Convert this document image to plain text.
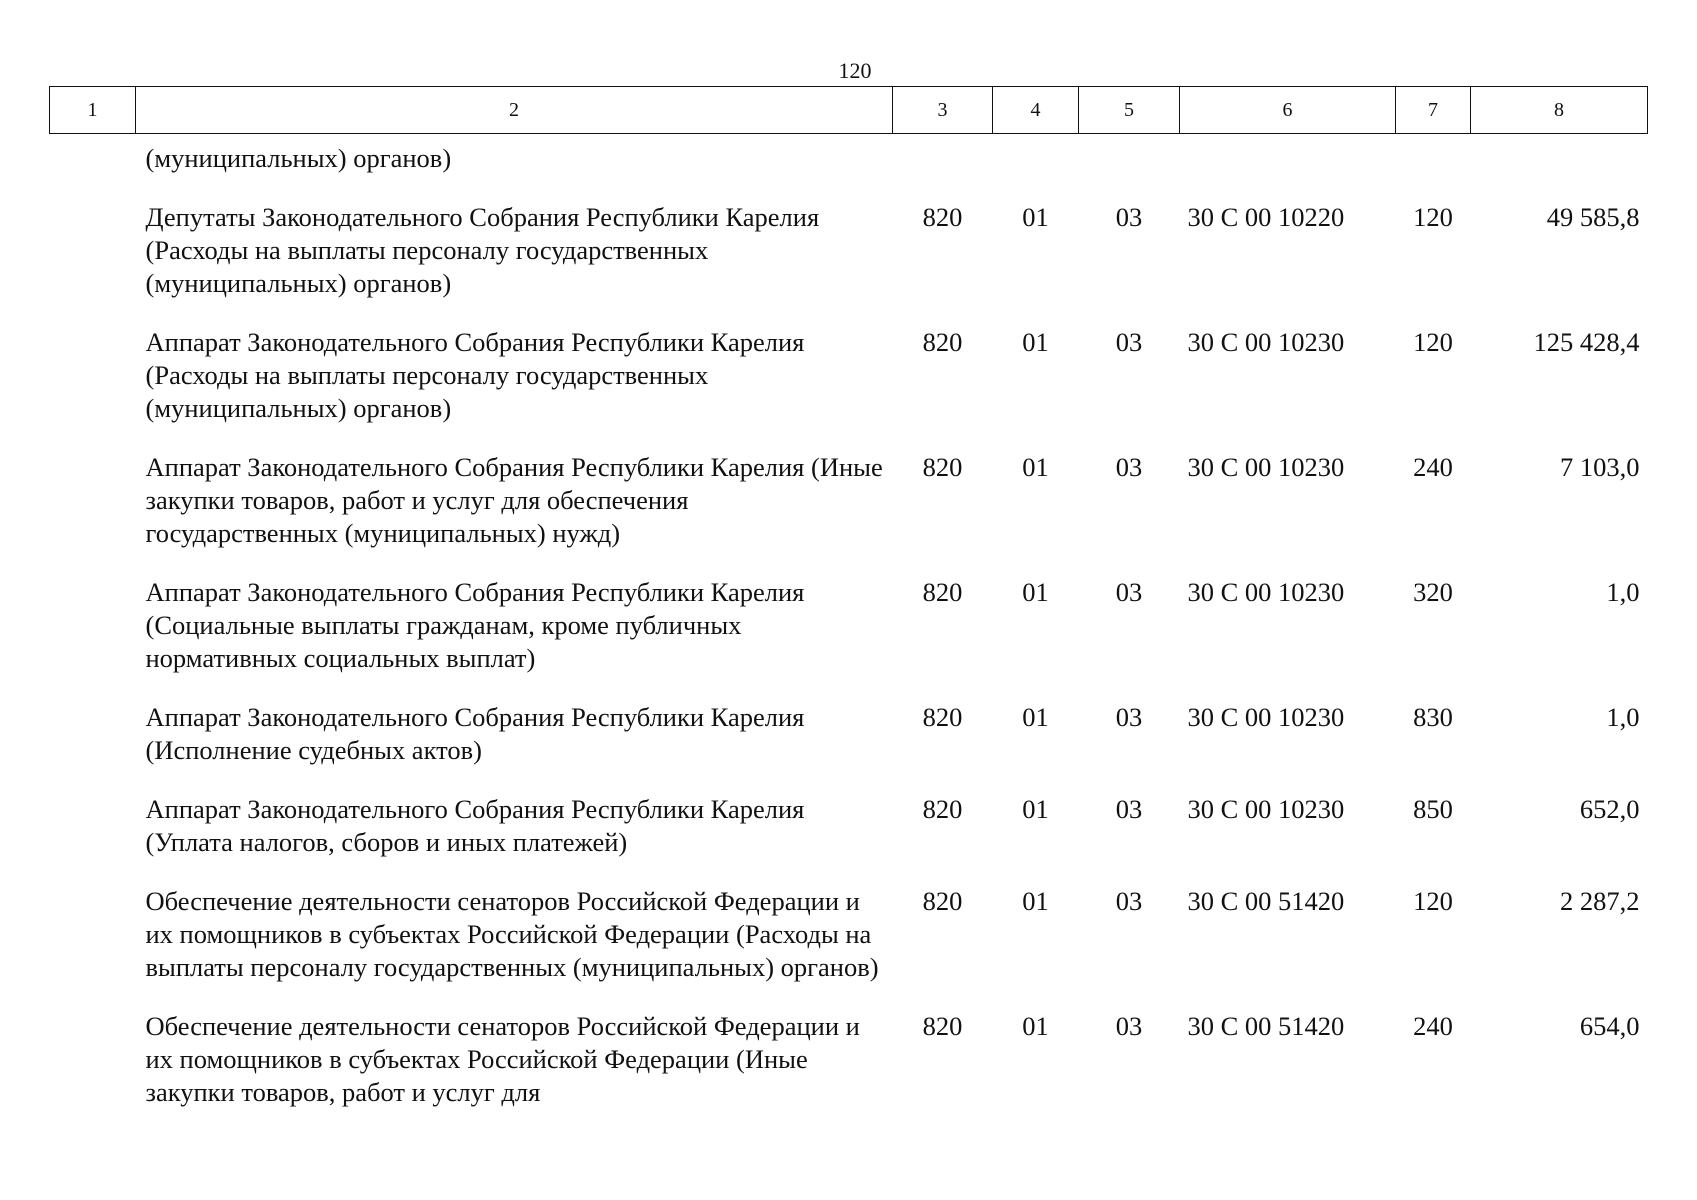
120
1	2	3	4	5	6	7	8
	(муниципальных) органов)						
	Депутаты Законодательного Собрания Республики Карелия (Расходы на выплаты персоналу государственных (муниципальных) органов)	820	01	03	30 С 00 10220	120	49 585,8
	Аппарат Законодательного Собрания Республики Карелия (Расходы на выплаты персоналу государственных (муниципальных) органов)	820	01	03	30 С 00 10230	120	125 428,4
	Аппарат Законодательного Собрания Республики Карелия (Иные закупки товаров, работ и услуг для обеспечения государственных (муниципальных) нужд)	820	01	03	30 С 00 10230	240	7 103,0
	Аппарат Законодательного Собрания Республики Карелия (Социальные выплаты гражданам, кроме публичных нормативных социальных выплат)	820	01	03	30 С 00 10230	320	1,0
	Аппарат Законодательного Собрания Республики Карелия (Исполнение судебных актов)	820	01	03	30 С 00 10230	830	1,0
	Аппарат Законодательного Собрания Республики Карелия (Уплата налогов, сборов и иных платежей)	820	01	03	30 С 00 10230	850	652,0
	Обеспечение деятельности сенаторов Российской Федерации и их помощников в субъектах Российской Федерации (Расходы на выплаты персоналу государственных (муниципальных) органов)	820	01	03	30 С 00 51420	120	2 287,2
	Обеспечение деятельности сенаторов Российской Федерации и их помощников в субъектах Российской Федерации (Иные закупки товаров, работ и услуг для	820	01	03	30 С 00 51420	240	654,0
